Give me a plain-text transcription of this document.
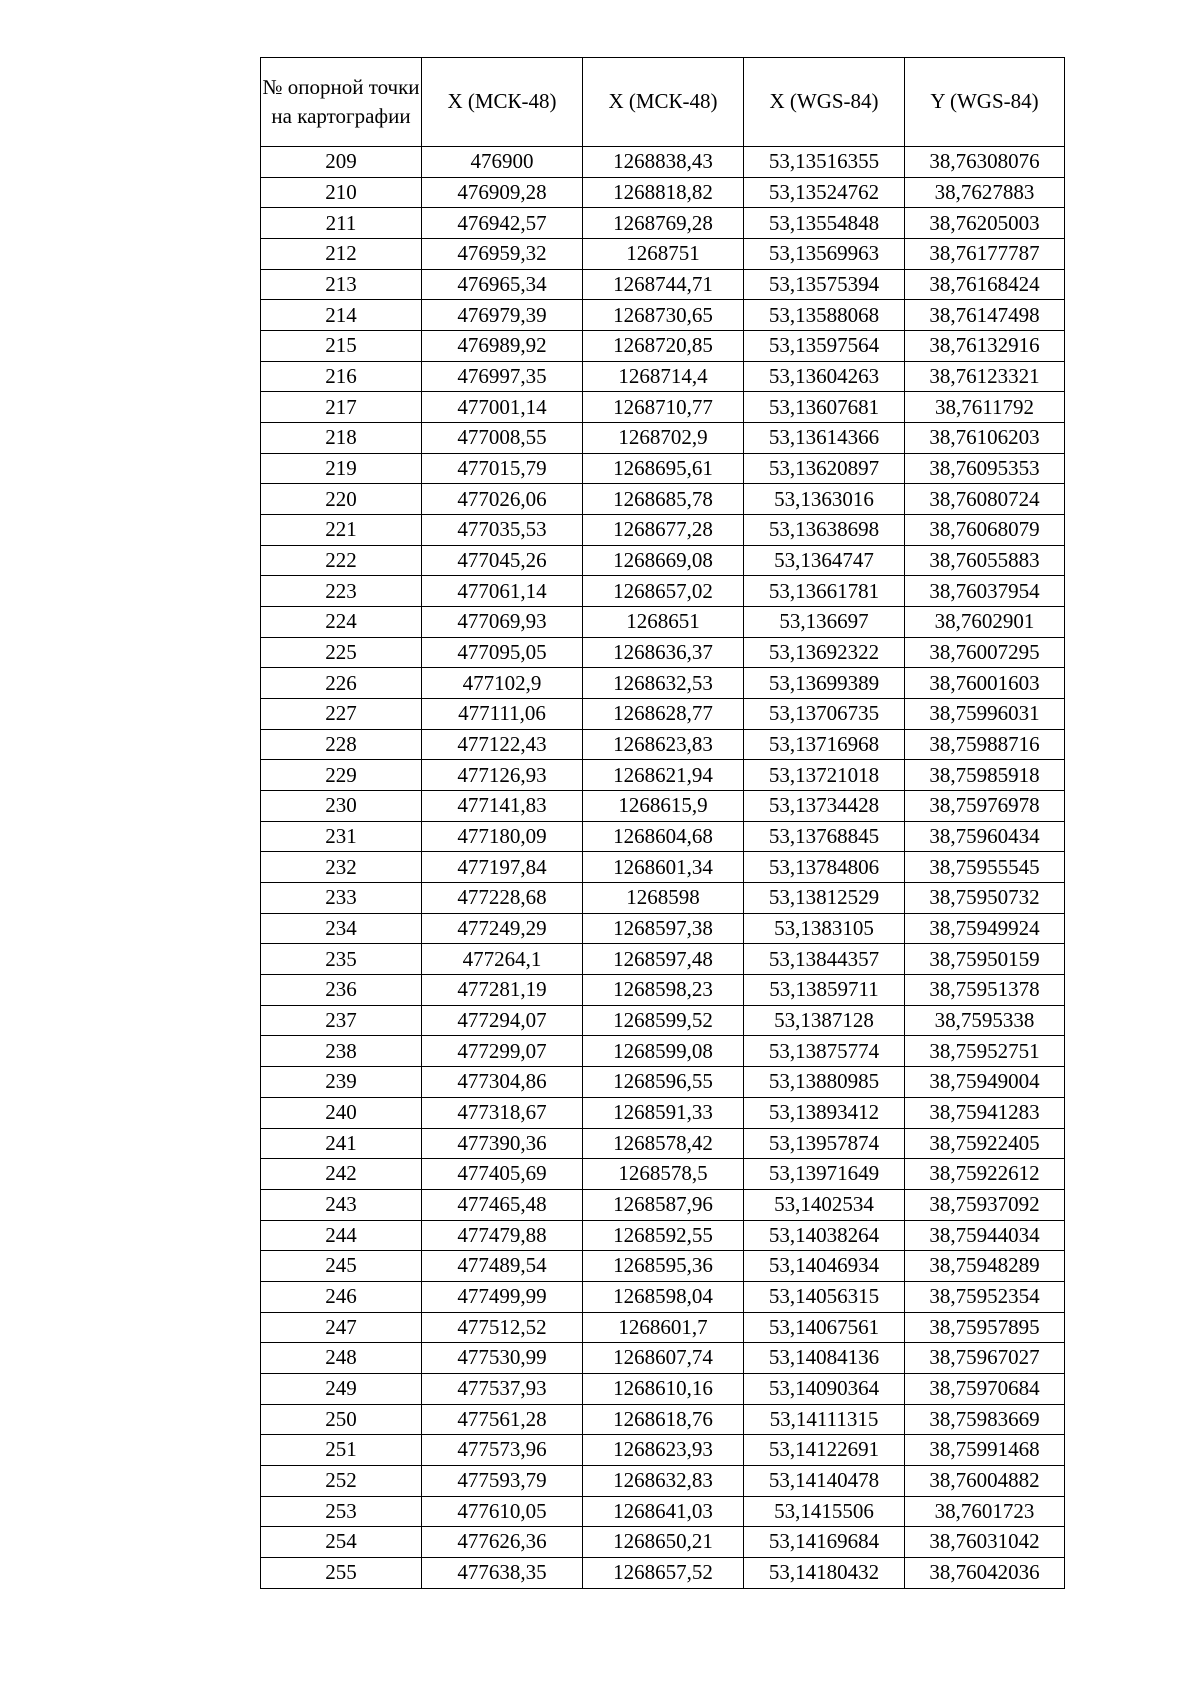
№ опорной точки на картографии	X (МСК-48)	X (МСК-48)	X (WGS-84)	Y (WGS-84)
209	476900	1268838,43	53,13516355	38,76308076
210	476909,28	1268818,82	53,13524762	38,7627883
211	476942,57	1268769,28	53,13554848	38,76205003
212	476959,32	1268751	53,13569963	38,76177787
213	476965,34	1268744,71	53,13575394	38,76168424
214	476979,39	1268730,65	53,13588068	38,76147498
215	476989,92	1268720,85	53,13597564	38,76132916
216	476997,35	1268714,4	53,13604263	38,76123321
217	477001,14	1268710,77	53,13607681	38,7611792
218	477008,55	1268702,9	53,13614366	38,76106203
219	477015,79	1268695,61	53,13620897	38,76095353
220	477026,06	1268685,78	53,1363016	38,76080724
221	477035,53	1268677,28	53,13638698	38,76068079
222	477045,26	1268669,08	53,1364747	38,76055883
223	477061,14	1268657,02	53,13661781	38,76037954
224	477069,93	1268651	53,136697	38,7602901
225	477095,05	1268636,37	53,13692322	38,76007295
226	477102,9	1268632,53	53,13699389	38,76001603
227	477111,06	1268628,77	53,13706735	38,75996031
228	477122,43	1268623,83	53,13716968	38,75988716
229	477126,93	1268621,94	53,13721018	38,75985918
230	477141,83	1268615,9	53,13734428	38,75976978
231	477180,09	1268604,68	53,13768845	38,75960434
232	477197,84	1268601,34	53,13784806	38,75955545
233	477228,68	1268598	53,13812529	38,75950732
234	477249,29	1268597,38	53,1383105	38,75949924
235	477264,1	1268597,48	53,13844357	38,75950159
236	477281,19	1268598,23	53,13859711	38,75951378
237	477294,07	1268599,52	53,1387128	38,7595338
238	477299,07	1268599,08	53,13875774	38,75952751
239	477304,86	1268596,55	53,13880985	38,75949004
240	477318,67	1268591,33	53,13893412	38,75941283
241	477390,36	1268578,42	53,13957874	38,75922405
242	477405,69	1268578,5	53,13971649	38,75922612
243	477465,48	1268587,96	53,1402534	38,75937092
244	477479,88	1268592,55	53,14038264	38,75944034
245	477489,54	1268595,36	53,14046934	38,75948289
246	477499,99	1268598,04	53,14056315	38,75952354
247	477512,52	1268601,7	53,14067561	38,75957895
248	477530,99	1268607,74	53,14084136	38,75967027
249	477537,93	1268610,16	53,14090364	38,75970684
250	477561,28	1268618,76	53,14111315	38,75983669
251	477573,96	1268623,93	53,14122691	38,75991468
252	477593,79	1268632,83	53,14140478	38,76004882
253	477610,05	1268641,03	53,1415506	38,7601723
254	477626,36	1268650,21	53,14169684	38,76031042
255	477638,35	1268657,52	53,14180432	38,76042036
